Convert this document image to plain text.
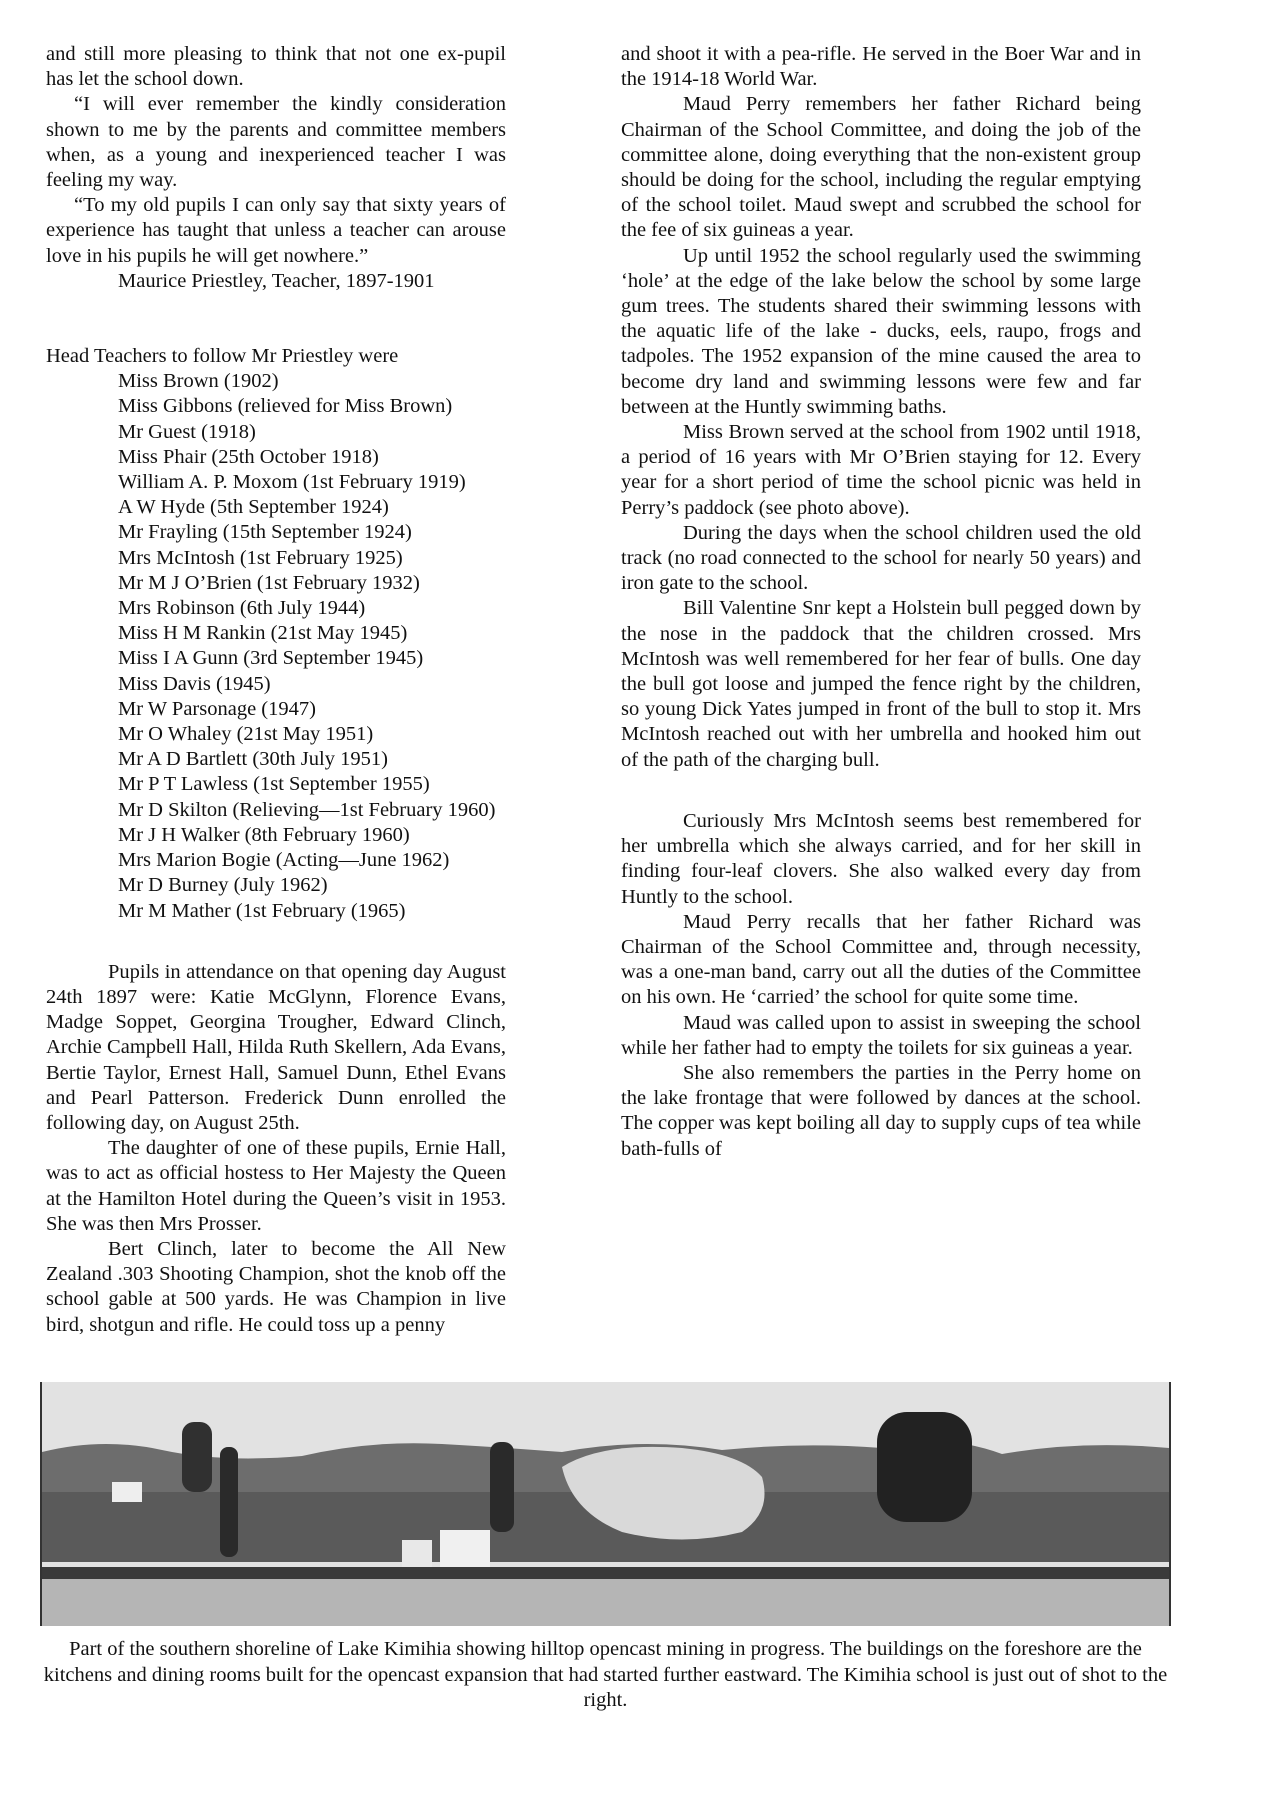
and still more pleasing to think that not one ex-pupil has let the school down.

“I will ever remember the kindly consideration shown to me by the parents and committee members when, as a young and inexperienced teacher I was feeling my way.

“To my old pupils I can only say that sixty years of experience has taught that unless a teacher can arouse love in his pupils he will get nowhere.”

Maurice Priestley, Teacher, 1897-1901

Head Teachers to follow Mr Priestley were

Miss Brown (1902)
Miss Gibbons (relieved for Miss Brown)
Mr Guest (1918)
Miss Phair (25th October 1918)
William A. P. Moxom (1st February 1919)
A W Hyde (5th September 1924)
Mr Frayling (15th September 1924)
Mrs McIntosh (1st February 1925)
Mr M J O’Brien (1st February 1932)
Mrs Robinson (6th July 1944)
Miss H M Rankin (21st May 1945)
Miss I A Gunn (3rd September 1945)
Miss Davis (1945)
Mr W Parsonage (1947)
Mr O Whaley (21st May 1951)
Mr A D Bartlett (30th July 1951)
Mr P T Lawless (1st September 1955)
Mr D Skilton (Relieving—1st February 1960)
Mr J H Walker (8th February 1960)
Mrs Marion Bogie (Acting—June 1962)
Mr D Burney (July 1962)
Mr M Mather (1st February (1965)

Pupils in attendance on that opening day August 24th 1897 were: Katie McGlynn, Florence Evans, Madge Soppet, Georgina Trougher, Edward Clinch, Archie Campbell Hall, Hilda Ruth Skellern, Ada Evans, Bertie Taylor, Ernest Hall, Samuel Dunn, Ethel Evans and Pearl Patterson. Frederick Dunn enrolled the following day, on August 25th.

The daughter of one of these pupils, Ernie Hall, was to act as official hostess to Her Majesty the Queen at the Hamilton Hotel during the Queen’s visit in 1953. She was then Mrs Prosser.

Bert Clinch, later to become the All New Zealand .303 Shooting Champion, shot the knob off the school gable at 500 yards. He was Champion in live bird, shotgun and rifle. He could toss up a penny

and shoot it with a pea-rifle. He served in the Boer War and in the 1914-18 World War.

Maud Perry remembers her father Richard being Chairman of the School Committee, and doing the job of the committee alone, doing everything that the non-existent group should be doing for the school, including the regular emptying of the school toilet. Maud swept and scrubbed the school for the fee of six guineas a year.

Up until 1952 the school regularly used the swimming ‘hole’ at the edge of the lake below the school by some large gum trees. The students shared their swimming lessons with the aquatic life of the lake - ducks, eels, raupo, frogs and tadpoles. The 1952 expansion of the mine caused the area to become dry land and swimming lessons were few and far between at the Huntly swimming baths.

Miss Brown served at the school from 1902 until 1918, a period of 16 years with Mr O’Brien staying for 12. Every year for a short period of time the school picnic was held in Perry’s paddock (see photo above).

During the days when the school children used the old track (no road connected to the school for nearly 50 years) and iron gate to the school.

Bill Valentine Snr kept a Holstein bull pegged down by the nose in the paddock that the children crossed. Mrs McIntosh was well remembered for her fear of bulls. One day the bull got loose and jumped the fence right by the children, so young Dick Yates jumped in front of the bull to stop it. Mrs McIntosh reached out with her umbrella and hooked him out of the path of the charging bull.

Curiously Mrs McIntosh seems best remembered for her umbrella which she always carried, and for her skill in finding four-leaf clovers. She also walked every day from Huntly to the school.

Maud Perry recalls that her father Richard was Chairman of the School Committee and, through necessity, was a one-man band, carry out all the duties of the Committee on his own. He ‘carried’ the school for quite some time.

Maud was called upon to assist in sweeping the school while her father had to empty the toilets for six guineas a year.

She also remembers the parties in the Perry home on the lake frontage that were followed by dances at the school. The copper was kept boiling all day to supply cups of tea while bath-fulls of

Part of the southern shoreline of Lake Kimihia showing hilltop opencast mining in progress. The buildings on the foreshore are the kitchens and dining rooms built for the opencast expansion that had started further eastward. The Kimihia school is just out of shot to the right.
